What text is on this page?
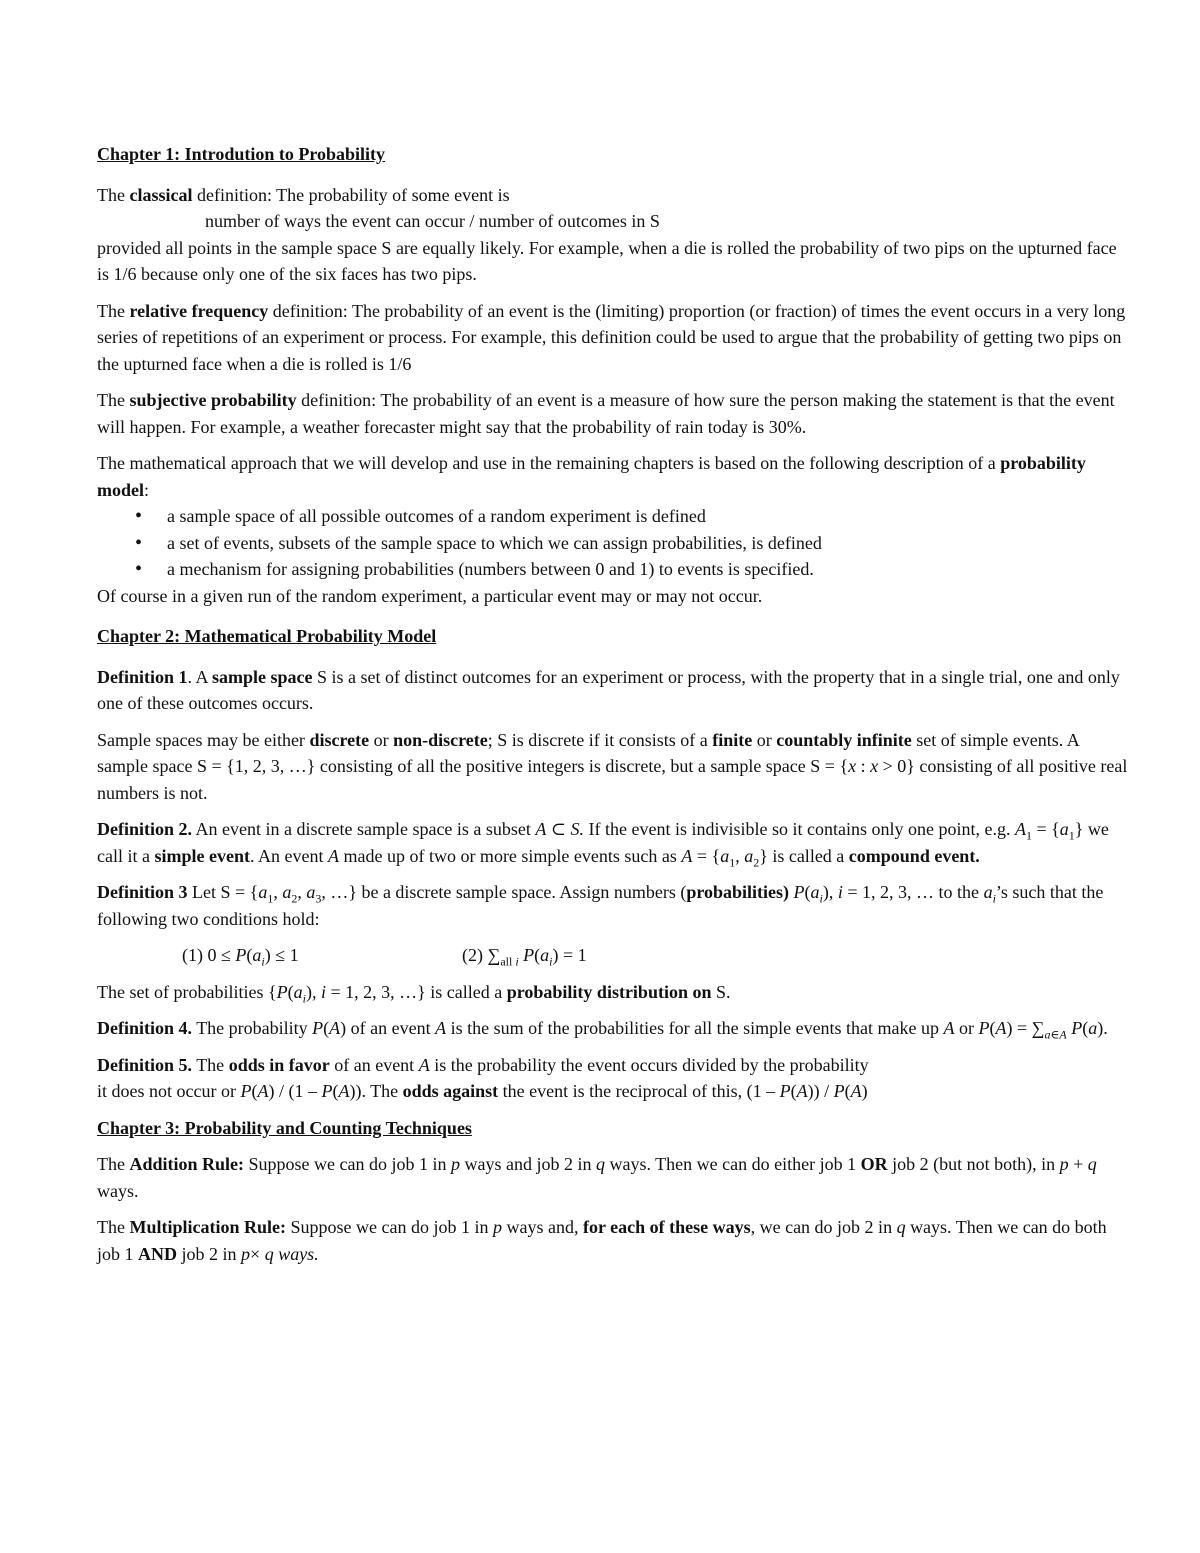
Chapter 1: Introdution to Probability

The classical definition: The probability of some event is

number of ways the event can occur / number of outcomes in S

provided all points in the sample space S are equally likely. For example, when a die is rolled the probability of two pips on the upturned face is 1/6 because only one of the six faces has two pips.

The relative frequency definition: The probability of an event is the (limiting) proportion (or fraction) of times the event occurs in a very long series of repetitions of an experiment or process. For example, this definition could be used to argue that the probability of getting two pips on the upturned face when a die is rolled is 1/6

The subjective probability definition: The probability of an event is a measure of how sure the person making the statement is that the event will happen. For example, a weather forecaster might say that the probability of rain today is 30%.

The mathematical approach that we will develop and use in the remaining chapters is based on the following description of a probability model:

• a sample space of all possible outcomes of a random experiment is defined
• a set of events, subsets of the sample space to which we can assign probabilities, is defined
• a mechanism for assigning probabilities (numbers between 0 and 1) to events is specified.

Of course in a given run of the random experiment, a particular event may or may not occur.

Chapter 2: Mathematical Probability Model

Definition 1. A sample space S is a set of distinct outcomes for an experiment or process, with the property that in a single trial, one and only one of these outcomes occurs.

Sample spaces may be either discrete or non-discrete; S is discrete if it consists of a finite or countably infinite set of simple events. A sample space S = {1, 2, 3, …} consisting of all the positive integers is discrete, but a sample space S = {x : x > 0} consisting of all positive real numbers is not.

Definition 2. An event in a discrete sample space is a subset A ⊂ S. If the event is indivisible so it contains only one point, e.g. $A_1 = \{a_1\}$ we call it a simple event. An event A made up of two or more simple events such as $A = \{a_1$, $a_2$} is called a compound event.

Definition 3 Let $S = \{a_1$, $a_2$, $a_3$, …} be a discrete sample space. Assign numbers (probabilities) $P(a_i)$, i = 1, 2, 3, … to the $a_i’s$ such that the following two conditions hold:

(1) $0 \le P(a_i) \le 1$	(2) $\sum_{all i}$ $P(a_i) = 1$

The set of probabilities {$P(a_i)$, i = 1, 2, 3, …} is called a probability distribution on S.

Definition 4. The probability P(A) of an event A is the sum of the probabilities for all the simple events that make up A or $P(A) = \sum_{a\in A}$ P(a).

Definition 5. The odds in favor of an event A is the probability the event occurs divided by the probability

it does not occur or P(A) / (1 – P(A)). The odds against the event is the reciprocal of this, (1 – P(A)) / P(A)

Chapter 3: Probability and Counting Techniques

The Addition Rule: Suppose we can do job 1 in p ways and job 2 in q ways. Then we can do either job 1 OR job 2 (but not both), in p + q ways.

The Multiplication Rule: Suppose we can do job 1 in p ways and, for each of these ways, we can do job 2 in q ways. Then we can do both job 1 AND job 2 in p× q ways.
